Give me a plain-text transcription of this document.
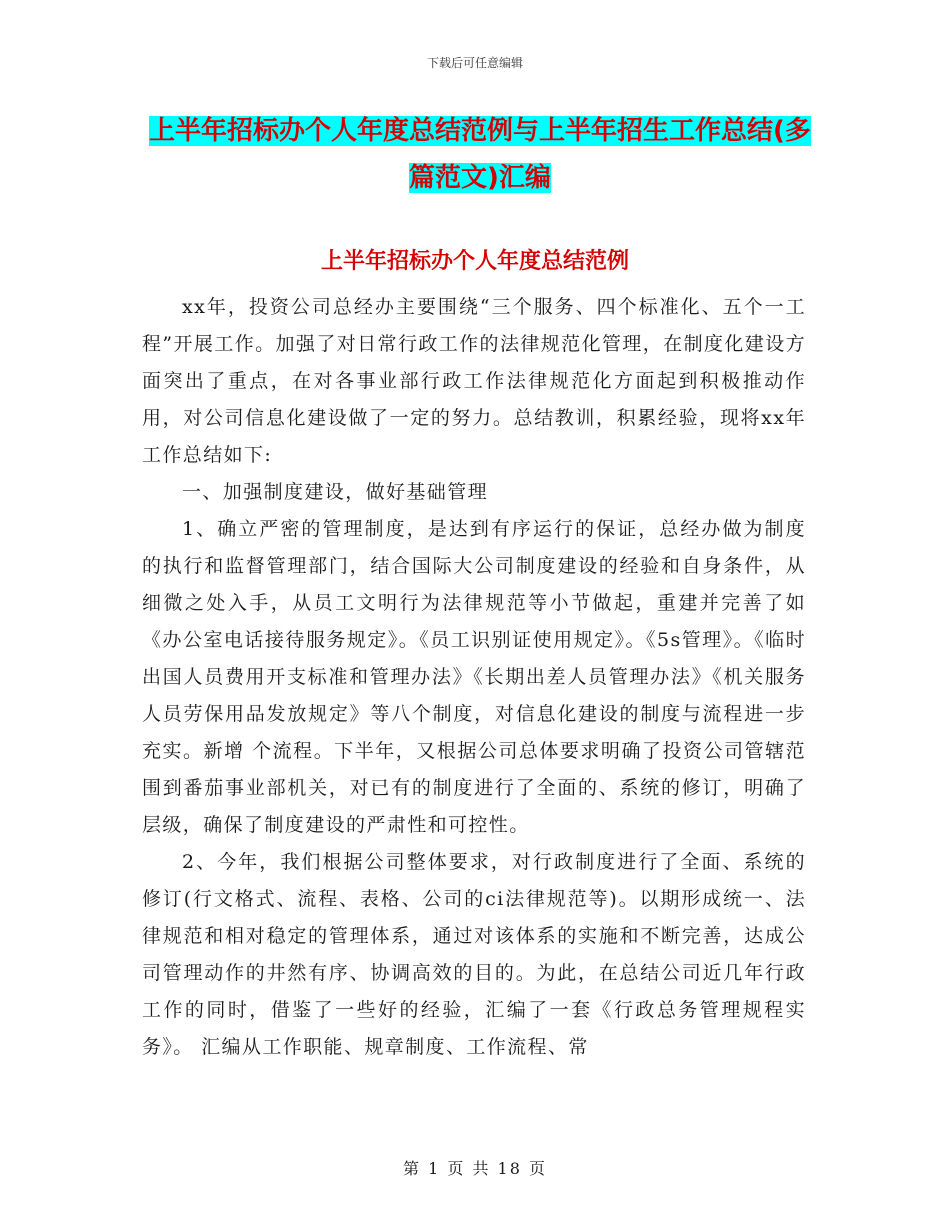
下载后可任意编辑
上半年招标办个人年度总结范例与上半年招生工作总结(多篇范文)汇编
上半年招标办个人年度总结范例

xx年，投资公司总经办主要围绕“三个服务、四个标准化、五个一工程”开展工作。加强了对日常行政工作的法律规范化管理，在制度化建设方面突出了重点，在对各事业部行政工作法律规范化方面起到积极推动作用，对公司信息化建设做了一定的努力。总结教训，积累经验，现将xx年工作总结如下:

一、加强制度建设，做好基础管理

1、确立严密的管理制度，是达到有序运行的保证，总经办做为制度的执行和监督管理部门，结合国际大公司制度建设的经验和自身条件，从细微之处入手，从员工文明行为法律规范等小节做起，重建并完善了如《办公室电话接待服务规定》。《员工识别证使用规定》。《5s管理》。《临时出国人员费用开支标准和管理办法》《长期出差人员管理办法》《机关服务人员劳保用品发放规定》等八个制度，对信息化建设的制度与流程进一步充实。新增 个流程。下半年，又根据公司总体要求明确了投资公司管辖范围到番茄事业部机关，对已有的制度进行了全面的、系统的修订，明确了层级，确保了制度建设的严肃性和可控性。

2、今年，我们根据公司整体要求，对行政制度进行了全面、系统的修订(行文格式、流程、表格、公司的ci法律规范等)。以期形成统一、法律规范和相对稳定的管理体系，通过对该体系的实施和不断完善，达成公司管理动作的井然有序、协调高效的目的。为此，在总结公司近几年行政工作的同时，借鉴了一些好的经验，汇编了一套《行政总务管理规程实务》。 汇编从工作职能、规章制度、工作流程、常

第 1 页 共 18 页
